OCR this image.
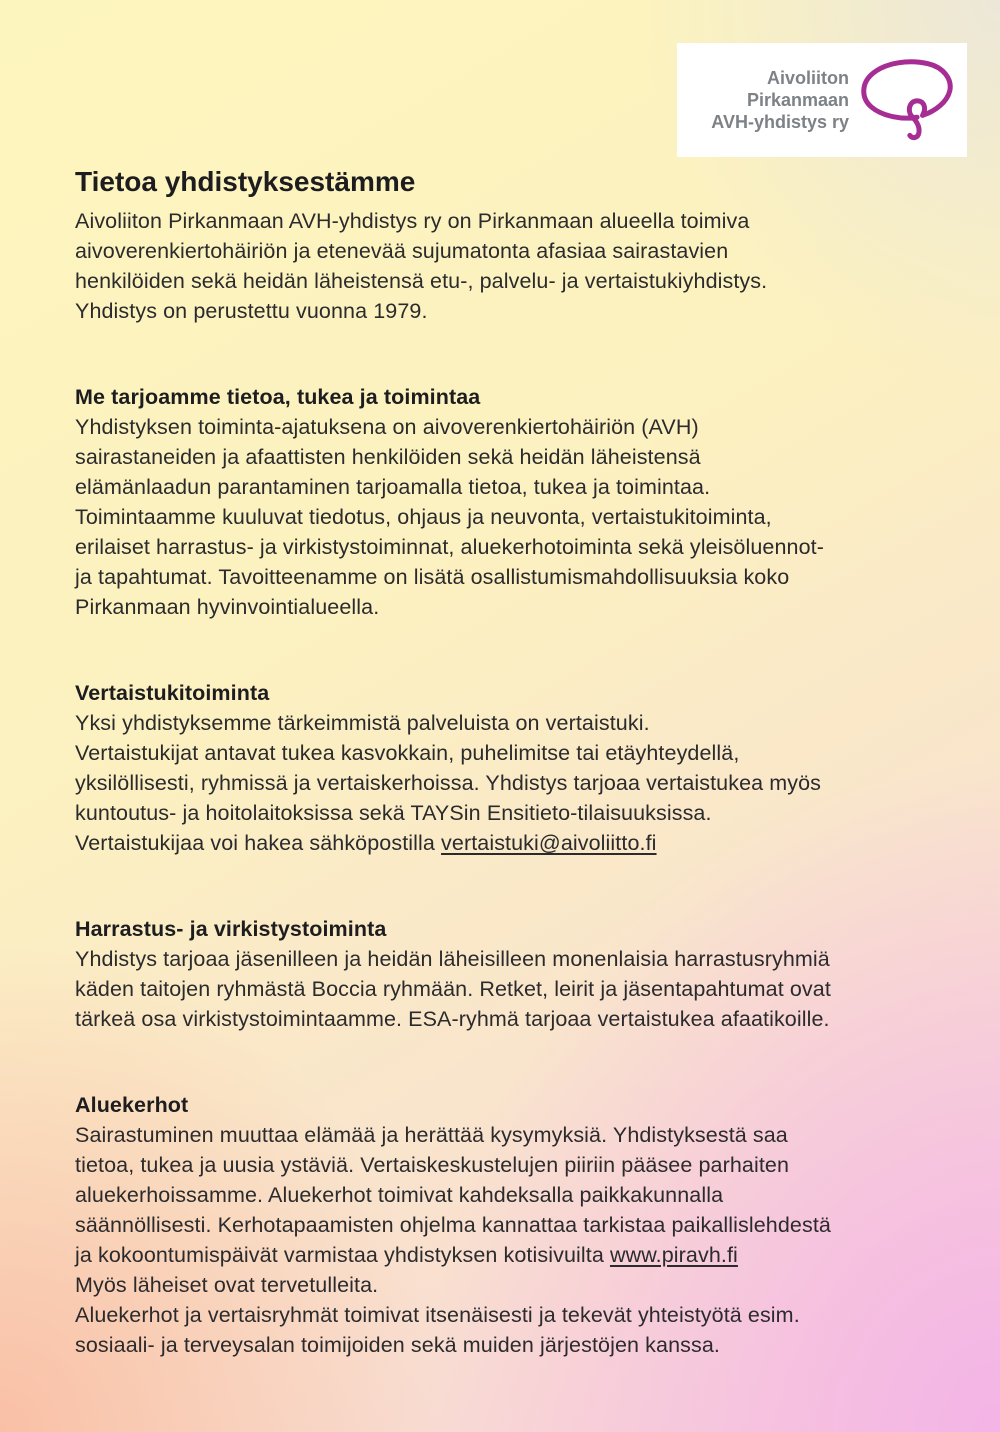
Aivoliiton
Pirkanmaan
AVH-yhdistys ry
Tietoa yhdistyksestämme

Aivoliiton Pirkanmaan AVH-yhdistys ry on Pirkanmaan alueella toimiva
aivoverenkiertohäiriön ja etenevää sujumatonta afasiaa sairastavien
henkilöiden sekä heidän läheistensä etu-, palvelu- ja vertaistukiyhdistys.
Yhdistys on perustettu vuonna 1979.

Me tarjoamme tietoa, tukea ja toimintaa

Yhdistyksen toiminta-ajatuksena on aivoverenkiertohäiriön (AVH)
sairastaneiden ja afaattisten henkilöiden sekä heidän läheistensä
elämänlaadun parantaminen tarjoamalla tietoa, tukea ja toimintaa.
Toimintaamme kuuluvat tiedotus, ohjaus ja neuvonta, vertaistukitoiminta,
erilaiset harrastus- ja virkistystoiminnat, aluekerhotoiminta sekä yleisöluennot-
ja tapahtumat. Tavoitteenamme on lisätä osallistumismahdollisuuksia koko
Pirkanmaan hyvinvointialueella.

Vertaistukitoiminta

Yksi yhdistyksemme tärkeimmistä palveluista on vertaistuki.
Vertaistukijat antavat tukea kasvokkain, puhelimitse tai etäyhteydellä,
yksilöllisesti, ryhmissä ja vertaiskerhoissa. Yhdistys tarjoaa vertaistukea myös
kuntoutus- ja hoitolaitoksissa sekä TAYSin Ensitieto-tilaisuuksissa.
Vertaistukijaa voi hakea sähköpostilla vertaistuki@aivoliitto.fi

Harrastus- ja virkistystoiminta

Yhdistys tarjoaa jäsenilleen ja heidän läheisilleen monenlaisia harrastusryhmiä
käden taitojen ryhmästä Boccia ryhmään. Retket, leirit ja jäsentapahtumat ovat
tärkeä osa virkistystoimintaamme. ESA-ryhmä tarjoaa vertaistukea afaatikoille.

Aluekerhot

Sairastuminen muuttaa elämää ja herättää kysymyksiä. Yhdistyksestä saa
tietoa, tukea ja uusia ystäviä. Vertaiskeskustelujen piiriin pääsee parhaiten
aluekerhoissamme. Aluekerhot toimivat kahdeksalla paikkakunnalla
säännöllisesti. Kerhotapaamisten ohjelma kannattaa tarkistaa paikallislehdestä
ja kokoontumispäivät varmistaa yhdistyksen kotisivuilta www.piravh.fi
Myös läheiset ovat tervetulleita.
Aluekerhot ja vertaisryhmät toimivat itsenäisesti ja tekevät yhteistyötä esim.
sosiaali- ja terveysalan toimijoiden sekä muiden järjestöjen kanssa.
